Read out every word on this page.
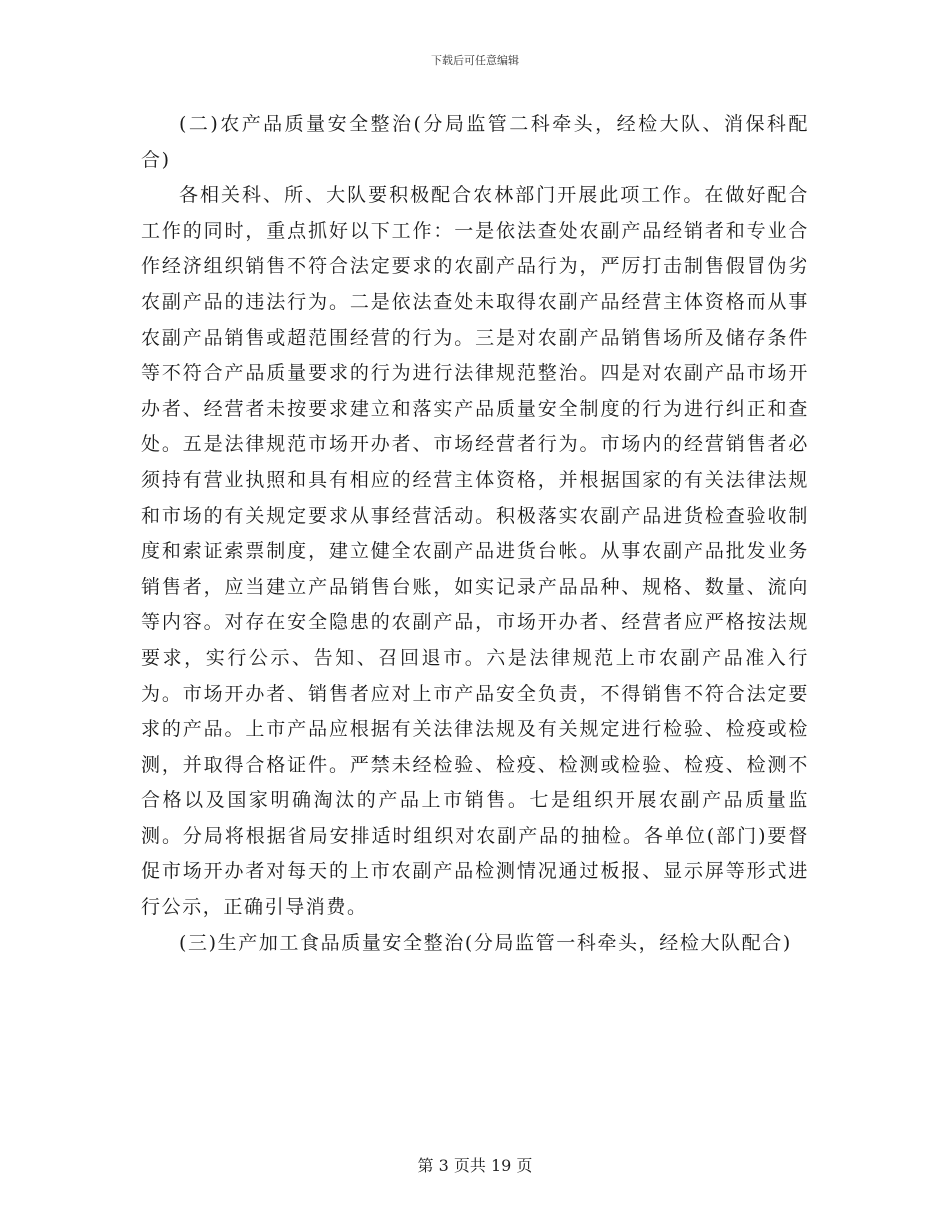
下载后可任意编辑

(二)农产品质量安全整治(分局监管二科牵头，经检大队、消保科配合)

各相关科、所、大队要积极配合农林部门开展此项工作。在做好配合工作的同时，重点抓好以下工作：一是依法查处农副产品经销者和专业合作经济组织销售不符合法定要求的农副产品行为，严厉打击制售假冒伪劣农副产品的违法行为。二是依法查处未取得农副产品经营主体资格而从事农副产品销售或超范围经营的行为。三是对农副产品销售场所及储存条件等不符合产品质量要求的行为进行法律规范整治。四是对农副产品市场开办者、经营者未按要求建立和落实产品质量安全制度的行为进行纠正和查处。五是法律规范市场开办者、市场经营者行为。市场内的经营销售者必须持有营业执照和具有相应的经营主体资格，并根据国家的有关法律法规和市场的有关规定要求从事经营活动。积极落实农副产品进货检查验收制度和索证索票制度，建立健全农副产品进货台帐。从事农副产品批发业务销售者，应当建立产品销售台账，如实记录产品品种、规格、数量、流向等内容。对存在安全隐患的农副产品，市场开办者、经营者应严格按法规要求，实行公示、告知、召回退市。六是法律规范上市农副产品准入行为。市场开办者、销售者应对上市产品安全负责，不得销售不符合法定要求的产品。上市产品应根据有关法律法规及有关规定进行检验、检疫或检测，并取得合格证件。严禁未经检验、检疫、检测或检验、检疫、检测不合格以及国家明确淘汰的产品上市销售。七是组织开展农副产品质量监测。分局将根据省局安排适时组织对农副产品的抽检。各单位(部门)要督促市场开办者对每天的上市农副产品检测情况通过板报、显示屏等形式进行公示，正确引导消费。

(三)生产加工食品质量安全整治(分局监管一科牵头，经检大队配合)

第 3 页共 19 页
